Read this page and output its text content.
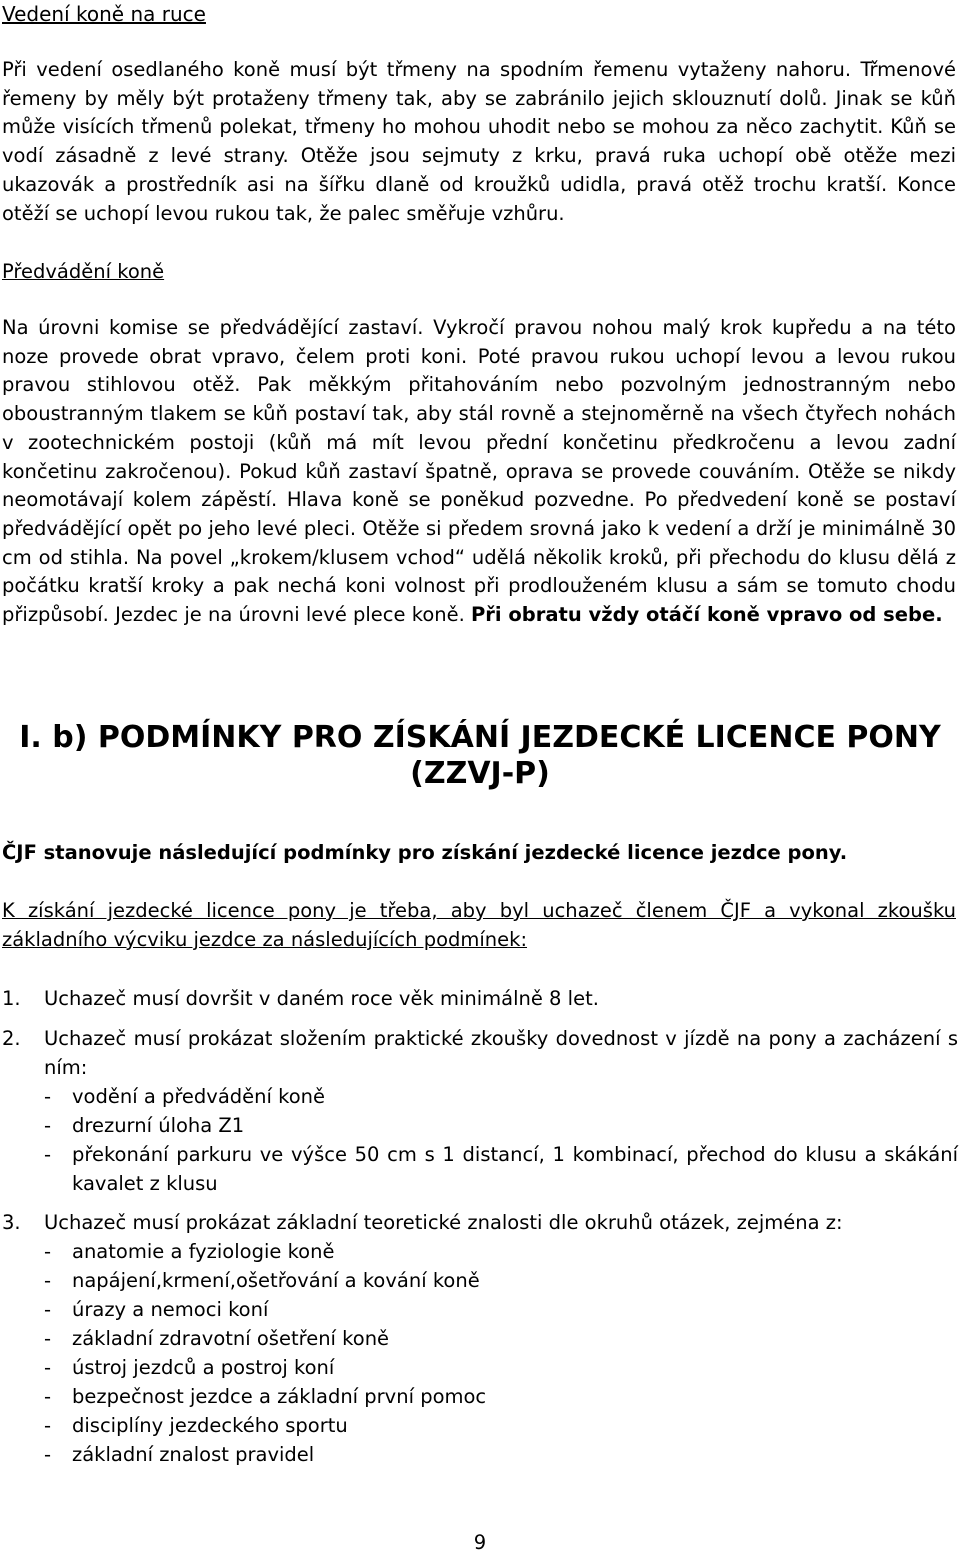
Vedení koně na ruce
Při vedení osedlaného koně musí být třmeny na spodním řemenu vytaženy nahoru. Třmenové řemeny by měly být protaženy třmeny tak, aby se zabránilo jejich sklouznutí dolů. Jinak se kůň může visících třmenů polekat, třmeny ho mohou uhodit nebo se mohou za něco zachytit. Kůň se vodí zásadně z levé strany. Otěže jsou sejmuty z krku, pravá ruka uchopí obě otěže mezi ukazovák a prostředník asi na šířku dlaně od kroužků udidla, pravá otěž trochu kratší. Konce otěží se uchopí levou rukou tak, že palec směřuje vzhůru.
Předvádění koně
Na úrovni komise se předvádějící zastaví. Vykročí pravou nohou malý krok kupředu a na této noze provede obrat vpravo, čelem proti koni. Poté pravou rukou uchopí levou a levou rukou pravou stihlovou otěž. Pak měkkým přitahováním nebo pozvolným jednostranným nebo oboustranným tlakem se kůň postaví tak, aby stál rovně a stejnoměrně na všech čtyřech nohách v zootechnickém postoji (kůň má mít levou přední končetinu předkročenu a levou zadní končetinu zakročenou). Pokud kůň zastaví špatně, oprava se provede couváním. Otěže se nikdy neomotávají kolem zápěstí. Hlava koně se poněkud pozvedne. Po předvedení koně se postaví předvádějící opět po jeho levé pleci. Otěže si předem srovná jako k vedení a drží je minimálně 30 cm od stihla. Na povel „krokem/klusem vchod“ udělá několik kroků, při přechodu do klusu dělá z počátku kratší kroky a pak nechá koni volnost při prodlouženém klusu a sám se tomuto chodu přizpůsobí. Jezdec je na úrovni levé plece koně. Při obratu vždy otáčí koně vpravo od sebe.
I. b) PODMÍNKY PRO ZÍSKÁNÍ JEZDECKÉ LICENCE PONY
(ZZVJ-P)
ČJF stanovuje následující podmínky pro získání jezdecké licence jezdce pony.
K získání jezdecké licence pony je třeba, aby byl uchazeč členem ČJF a vykonal zkoušku základního výcviku jezdce za následujících podmínek:
1.	Uchazeč musí dovršit v daném roce věk minimálně 8 let.
2.	Uchazeč musí prokázat složením praktické zkoušky dovednost v jízdě na pony a zacházení s ním:
- vodění a předvádění koně
- drezurní úloha Z1
- překonání parkuru ve výšce 50 cm s 1 distancí, 1 kombinací, přechod do klusu a skákání kavalet z klusu
3.	Uchazeč musí prokázat základní teoretické znalosti dle okruhů otázek, zejména z:
- anatomie a fyziologie koně
- napájení,krmení,ošetřování a kování koně
- úrazy a nemoci koní
- základní zdravotní ošetření koně
- ústroj jezdců a postroj koní
- bezpečnost jezdce a základní první pomoc
- disciplíny jezdeckého sportu
- základní znalost pravidel
9
